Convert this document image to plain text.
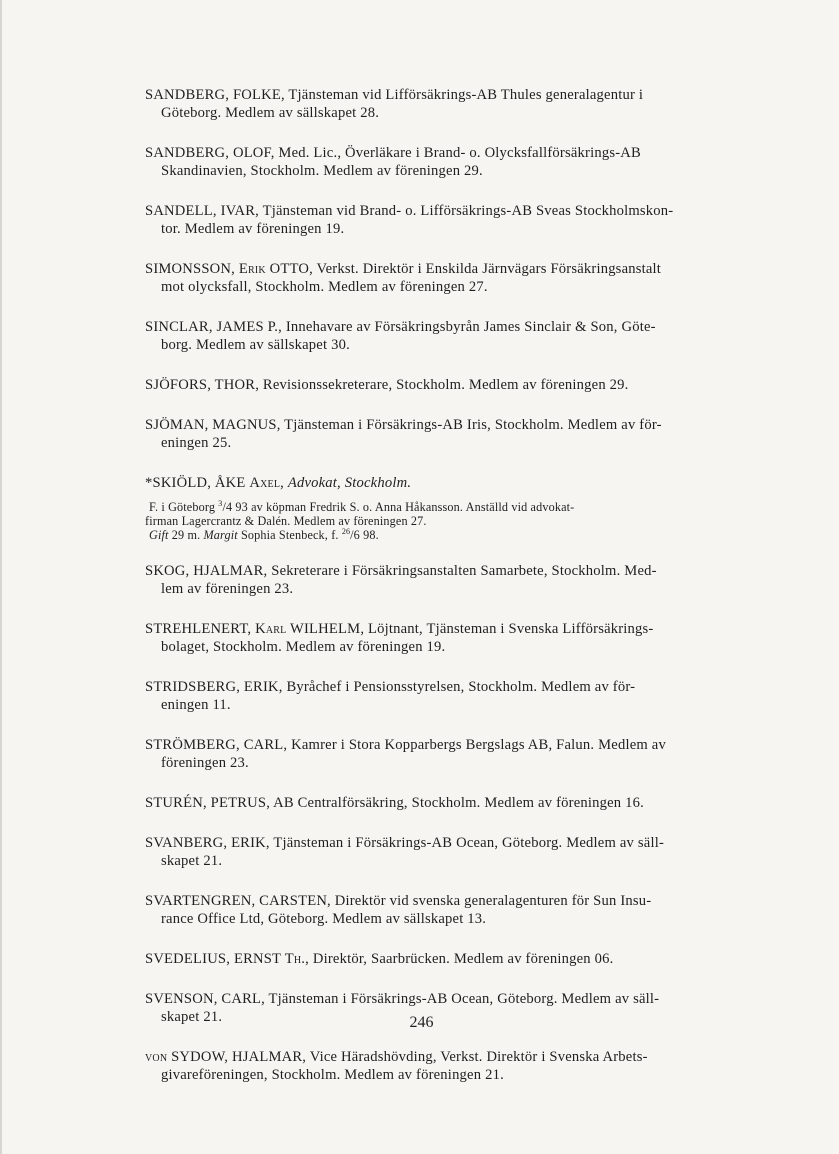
SANDBERG, FOLKE, Tjänsteman vid Lifförsäkrings-AB Thules generalagentur i
Göteborg. Medlem av sällskapet 28.

SANDBERG, OLOF, Med. Lic., Överläkare i Brand- o. Olycksfallförsäkrings-AB
Skandinavien, Stockholm. Medlem av föreningen 29.

SANDELL, IVAR, Tjänsteman vid Brand- o. Lifförsäkrings-AB Sveas Stockholmskon-
tor. Medlem av föreningen 19.

SIMONSSON, Erik OTTO, Verkst. Direktör i Enskilda Järnvägars Försäkringsanstalt
mot olycksfall, Stockholm. Medlem av föreningen 27.

SINCLAR, JAMES P., Innehavare av Försäkringsbyrån James Sinclair & Son, Göte-
borg. Medlem av sällskapet 30.

SJÖFORS, THOR, Revisionssekreterare, Stockholm. Medlem av föreningen 29.

SJÖMAN, MAGNUS, Tjänsteman i Försäkrings-AB Iris, Stockholm. Medlem av för-
eningen 25.

*SKIÖLD, ÅKE Axel, Advokat, Stockholm.

F. i Göteborg $^3$/4 93 av köpman Fredrik S. o. Anna Håkansson. Anställd vid advokat-
firman Lagercrantz & Dalén. Medlem av föreningen 27.
Gift 29 m. Margit Sophia Stenbeck, f. $^{26}$/6 98.

SKOG, HJALMAR, Sekreterare i Försäkringsanstalten Samarbete, Stockholm. Med-
lem av föreningen 23.

STREHLENERT, Karl WILHELM, Löjtnant, Tjänsteman i Svenska Lifförsäkrings-
bolaget, Stockholm. Medlem av föreningen 19.

STRIDSBERG, ERIK, Byråchef i Pensionsstyrelsen, Stockholm. Medlem av för-
eningen 11.

STRÖMBERG, CARL, Kamrer i Stora Kopparbergs Bergslags AB, Falun. Medlem av
föreningen 23.

STURÉN, PETRUS, AB Centralförsäkring, Stockholm. Medlem av föreningen 16.

SVANBERG, ERIK, Tjänsteman i Försäkrings-AB Ocean, Göteborg. Medlem av säll-
skapet 21.

SVARTENGREN, CARSTEN, Direktör vid svenska generalagenturen för Sun Insu-
rance Office Ltd, Göteborg. Medlem av sällskapet 13.

SVEDELIUS, ERNST Th., Direktör, Saarbrücken. Medlem av föreningen 06.

SVENSON, CARL, Tjänsteman i Försäkrings-AB Ocean, Göteborg. Medlem av säll-
skapet 21.

von SYDOW, HJALMAR, Vice Häradshövding, Verkst. Direktör i Svenska Arbets-
givareföreningen, Stockholm. Medlem av föreningen 21.

246
